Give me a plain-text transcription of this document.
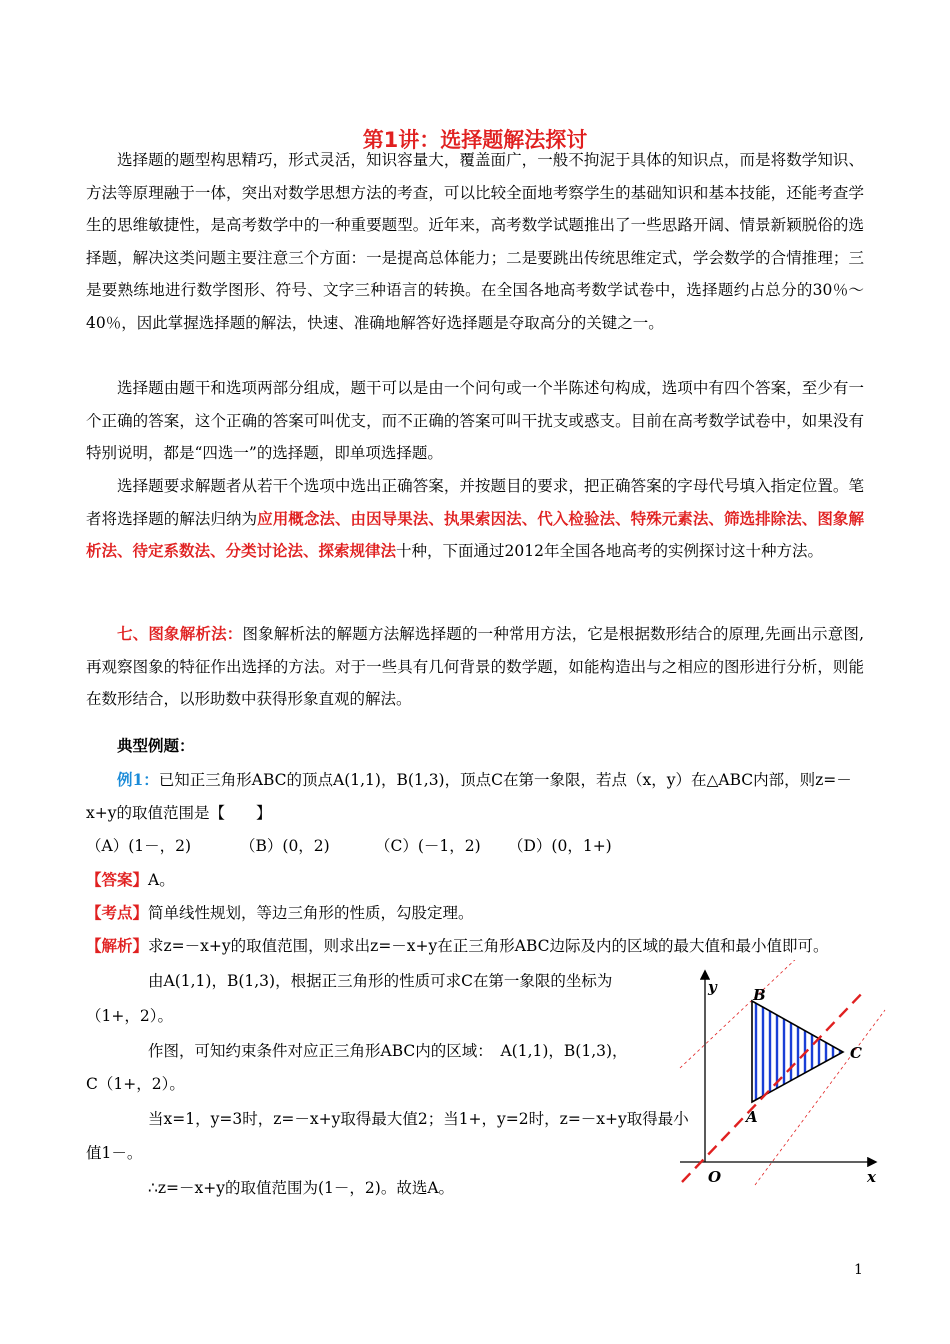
第1讲：选择题解法探讨
选择题的题型构思精巧，形式灵活，知识容量大，覆盖面广，一般不拘泥于具体的知识点，而是将数学知识、方法等原理融于一体，突出对数学思想方法的考查，可以比较全面地考察学生的基础知识和基本技能，还能考查学生的思维敏捷性，是高考数学中的一种重要题型。近年来，高考数学试题推出了一些思路开阔、情景新颖脱俗的选择题，解决这类问题主要注意三个方面：一是提高总体能力；二是要跳出传统思维定式，学会数学的合情推理；三是要熟练地进行数学图形、符号、文字三种语言的转换。在全国各地高考数学试卷中，选择题约占总分的30％～40％，因此掌握选择题的解法，快速、准确地解答好选择题是夺取高分的关键之一。
选择题由题干和选项两部分组成，题干可以是由一个问句或一个半陈述句构成，选项中有四个答案，至少有一个正确的答案，这个正确的答案可叫优支，而不正确的答案可叫干扰支或惑支。目前在高考数学试卷中，如果没有特别说明，都是“四选一”的选择题，即单项选择题。
选择题要求解题者从若干个选项中选出正确答案，并按题目的要求，把正确答案的字母代号填入指定位置。笔者将选择题的解法归纳为应用概念法、由因导果法、执果索因法、代入检验法、特殊元素法、筛选排除法、图象解析法、待定系数法、分类讨论法、探索规律法十种，下面通过2012年全国各地高考的实例探讨这十种方法。
七、图象解析法：图象解析法的解题方法解选择题的一种常用方法，它是根据数形结合的原理,先画出示意图,再观察图象的特征作出选择的方法。对于一些具有几何背景的数学题，如能构造出与之相应的图形进行分析，则能在数形结合，以形助数中获得形象直观的解法。
典型例题：
例1：已知正三角形ABC的顶点A(1,1)，B(1,3)，顶点C在第一象限，若点（x，y）在△ABC内部，则z=－
x+y的取值范围是【　　】
（A）(1－，2)	（B）(0，2)	（C）(－1，2) （D）(0，1+)
【答案】A。
【考点】简单线性规划，等边三角形的性质，勾股定理。
【解析】求z=－x+y的取值范围，则求出z=－x+y在正三角形ABC边际及内的区域的最大值和最小值即可。
由A(1,1)，B(1,3)，根据正三角形的性质可求C在第一象限的坐标为
（1+，2）。
作图，可知约束条件对应正三角形ABC内的区域：　A(1,1)，B(1,3)，
C（1+，2）。
当x=1，y=3时，z=－x+y取得最大值2；当1+，y=2时，z=－x+y取得最小
值1－。
∴z=－x+y的取值范围为(1－，2)。故选A。
y
x
O
A
B
C
1
